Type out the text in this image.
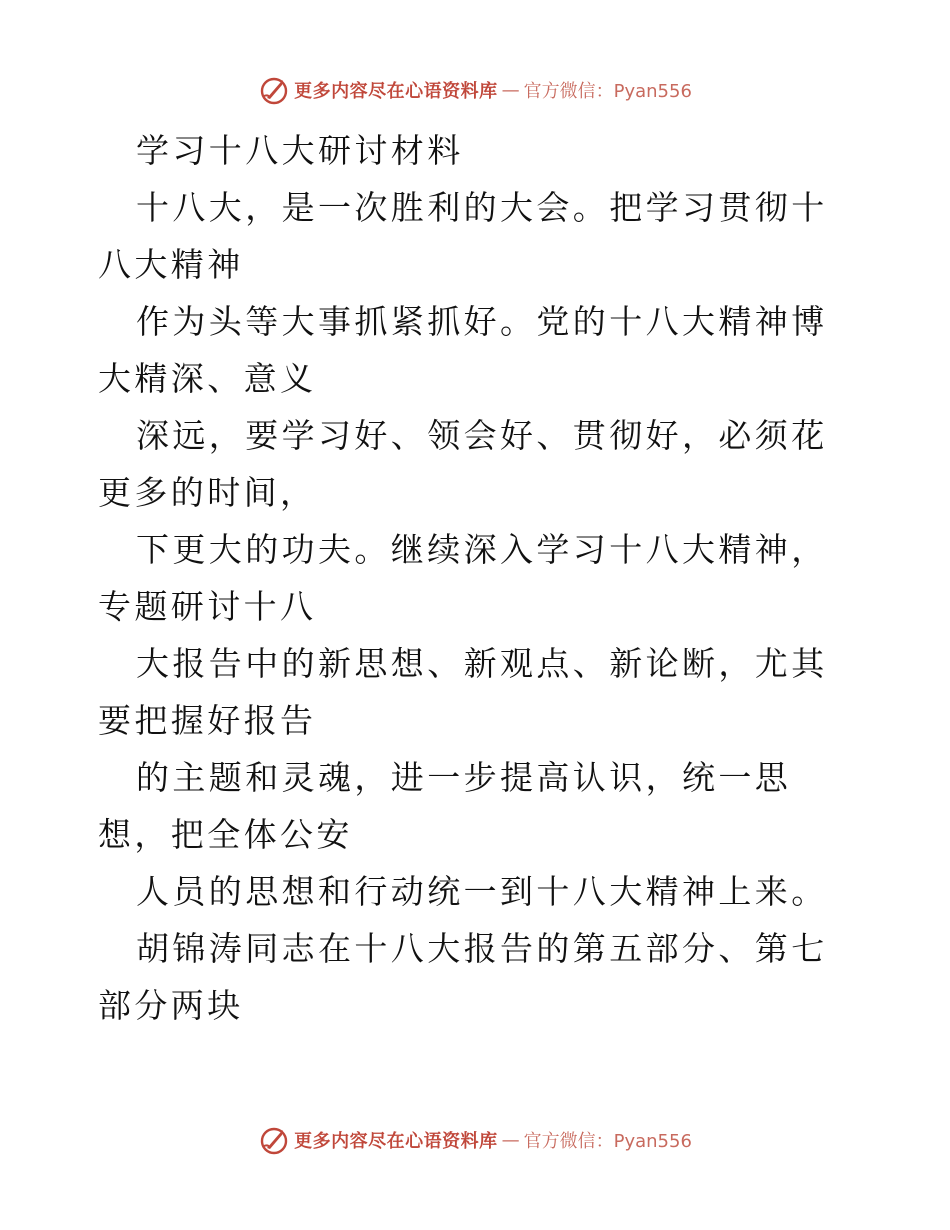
更多内容尽在心语资料库 — 官方微信：Pyan556

学习十八大研讨材料

十八大，是一次胜利的大会。把学习贯彻十八大精神

作为头等大事抓紧抓好。党的十八大精神博大精深、意义

深远，要学习好、领会好、贯彻好，必须花更多的时间，

下更大的功夫。继续深入学习十八大精神，专题研讨十八

大报告中的新思想、新观点、新论断，尤其要把握好报告

的主题和灵魂，进一步提高认识，统一思想，把全体公安

人员的思想和行动统一到十八大精神上来。

胡锦涛同志在十八大报告的第五部分、第七部分两块

更多内容尽在心语资料库 — 官方微信：Pyan556
